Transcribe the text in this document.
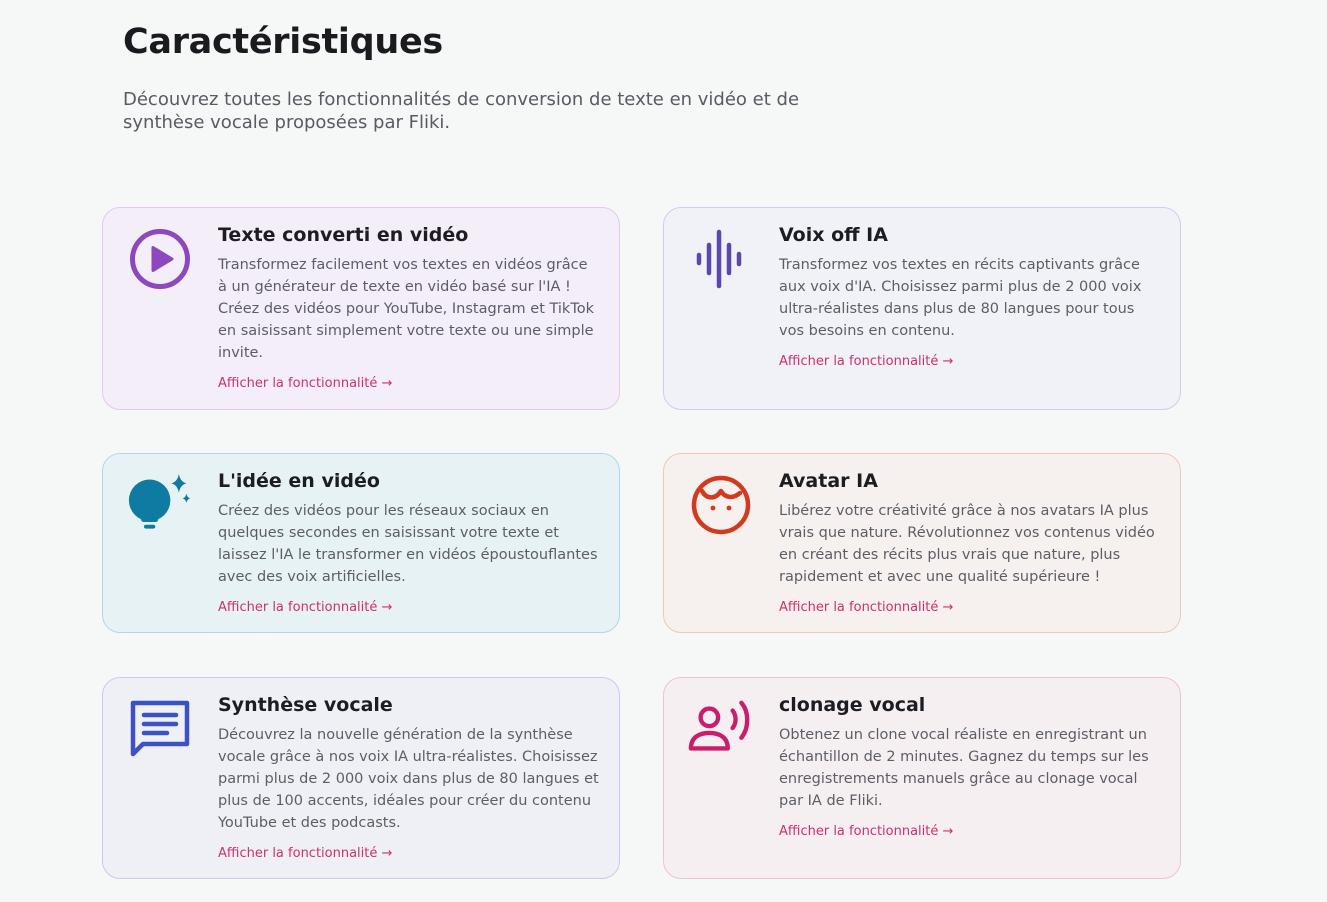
Caractéristiques

Découvrez toutes les fonctionnalités de conversion de texte en vidéo et de synthèse vocale proposées par Fliki.

Texte converti en vidéo

Transformez facilement vos textes en vidéos grâce à un générateur de texte en vidéo basé sur l'IA ! Créez des vidéos pour YouTube, Instagram et TikTok en saisissant simplement votre texte ou une simple invite.

Afficher la fonctionnalité →
Voix off IA

Transformez vos textes en récits captivants grâce aux voix d'IA. Choisissez parmi plus de 2 000 voix ultra-réalistes dans plus de 80 langues pour tous vos besoins en contenu.

Afficher la fonctionnalité →
L'idée en vidéo

Créez des vidéos pour les réseaux sociaux en quelques secondes en saisissant votre texte et laissez l'IA le transformer en vidéos époustouflantes avec des voix artificielles.

Afficher la fonctionnalité →
Avatar IA

Libérez votre créativité grâce à nos avatars IA plus vrais que nature. Révolutionnez vos contenus vidéo en créant des récits plus vrais que nature, plus rapidement et avec une qualité supérieure !

Afficher la fonctionnalité →
Synthèse vocale

Découvrez la nouvelle génération de la synthèse vocale grâce à nos voix IA ultra-réalistes. Choisissez parmi plus de 2 000 voix dans plus de 80 langues et plus de 100 accents, idéales pour créer du contenu YouTube et des podcasts.

Afficher la fonctionnalité →
clonage vocal

Obtenez un clone vocal réaliste en enregistrant un échantillon de 2 minutes. Gagnez du temps sur les enregistrements manuels grâce au clonage vocal par IA de Fliki.

Afficher la fonctionnalité →
